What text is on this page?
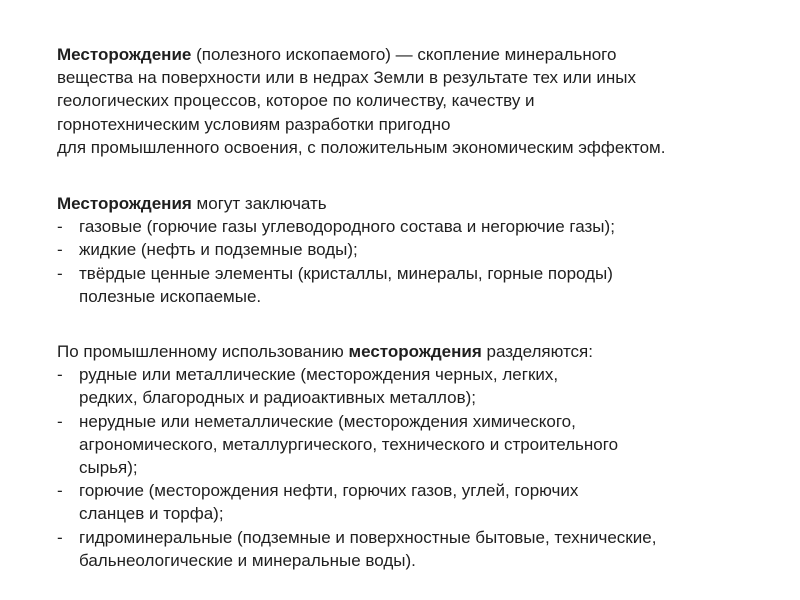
Месторождение (полезного ископаемого) — скопление минерального
вещества на поверхности или в недрах Земли в результате тех или иных
геологических процессов, которое по количеству, качеству и
горнотехническим условиям разработки пригодно
для промышленного освоения, с положительным экономическим эффектом.
Месторождения могут заключать
- газовые (горючие газы углеводородного состава и негорючие газы);
- жидкие (нефть и подземные воды);
- твёрдые ценные элементы (кристаллы, минералы, горные породы)
полезные ископаемые.
По промышленному использованию месторождения разделяются:
- рудные или металлические (месторождения черных, легких,
редких, благородных и радиоактивных металлов);
- нерудные или неметаллические (месторождения химического,
агрономического, металлургического, технического и строительного
сырья);
- горючие (месторождения нефти, горючих газов, углей, горючих
сланцев и торфа);
- гидроминеральные (подземные и поверхностные бытовые, технические,
бальнеологические и минеральные воды).
